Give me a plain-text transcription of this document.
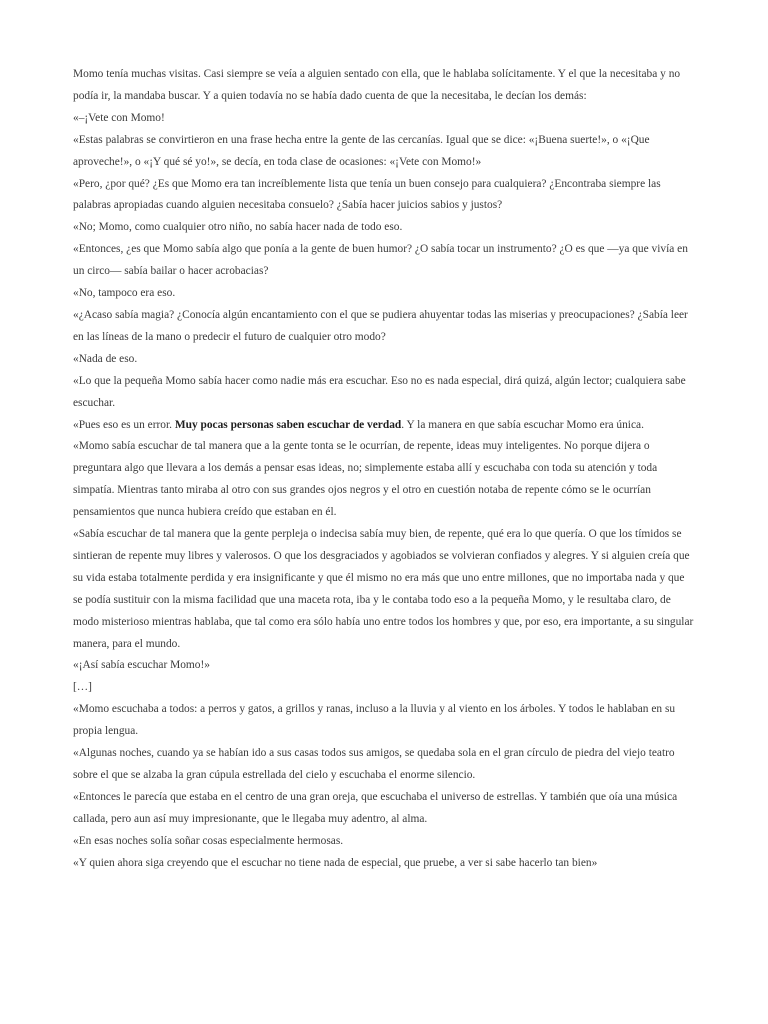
Momo tenía muchas visitas. Casi siempre se veía a alguien sentado con ella, que le hablaba solícitamente. Y el que la necesitaba y no podía ir, la mandaba buscar. Y a quien todavía no se había dado cuenta de que la necesitaba, le decían los demás:

«–¡Vete con Momo!

«Estas palabras se convirtieron en una frase hecha entre la gente de las cercanías. Igual que se dice: «¡Buena suerte!», o «¡Que aproveche!», o «¡Y qué sé yo!», se decía, en toda clase de ocasiones: «¡Vete con Momo!»

«Pero, ¿por qué? ¿Es que Momo era tan increíblemente lista que tenía un buen consejo para cualquiera? ¿Encontraba siempre las palabras apropiadas cuando alguien necesitaba consuelo? ¿Sabía hacer juicios sabios y justos?

«No; Momo, como cualquier otro niño, no sabía hacer nada de todo eso.

«Entonces, ¿es que Momo sabía algo que ponía a la gente de buen humor? ¿O sabía tocar un instrumento? ¿O es que —ya que vivía en un circo— sabía bailar o hacer acrobacias?

«No, tampoco era eso.

«¿Acaso sabía magia? ¿Conocía algún encantamiento con el que se pudiera ahuyentar todas las miserias y preocupaciones? ¿Sabía leer en las líneas de la mano o predecir el futuro de cualquier otro modo?

«Nada de eso.

«Lo que la pequeña Momo sabía hacer como nadie más era escuchar. Eso no es nada especial, dirá quizá, algún lector; cualquiera sabe escuchar.

«Pues eso es un error. Muy pocas personas saben escuchar de verdad. Y la manera en que sabía escuchar Momo era única.

«Momo sabía escuchar de tal manera que a la gente tonta se le ocurrían, de repente, ideas muy inteligentes. No porque dijera o preguntara algo que llevara a los demás a pensar esas ideas, no; simplemente estaba allí y escuchaba con toda su atención y toda simpatía. Mientras tanto miraba al otro con sus grandes ojos negros y el otro en cuestión notaba de repente cómo se le ocurrían pensamientos que nunca hubiera creído que estaban en él.

«Sabía escuchar de tal manera que la gente perpleja o indecisa sabía muy bien, de repente, qué era lo que quería. O que los tímidos se sintieran de repente muy libres y valerosos. O que los desgraciados y agobiados se volvieran confiados y alegres. Y si alguien creía que su vida estaba totalmente perdida y era insignificante y que él mismo no era más que uno entre millones, que no importaba nada y que se podía sustituir con la misma facilidad que una maceta rota, iba y le contaba todo eso a la pequeña Momo, y le resultaba claro, de modo misterioso mientras hablaba, que tal como era sólo había uno entre todos los hombres y que, por eso, era importante, a su singular manera, para el mundo.

«¡Así sabía escuchar Momo!»

[…]

«Momo escuchaba a todos: a perros y gatos, a grillos y ranas, incluso a la lluvia y al viento en los árboles. Y todos le hablaban en su propia lengua.

«Algunas noches, cuando ya se habían ido a sus casas todos sus amigos, se quedaba sola en el gran círculo de piedra del viejo teatro sobre el que se alzaba la gran cúpula estrellada del cielo y escuchaba el enorme silencio.

«Entonces le parecía que estaba en el centro de una gran oreja, que escuchaba el universo de estrellas. Y también que oía una música callada, pero aun así muy impresionante, que le llegaba muy adentro, al alma.

«En esas noches solía soñar cosas especialmente hermosas.

«Y quien ahora siga creyendo que el escuchar no tiene nada de especial, que pruebe, a ver si sabe hacerlo tan bien»
